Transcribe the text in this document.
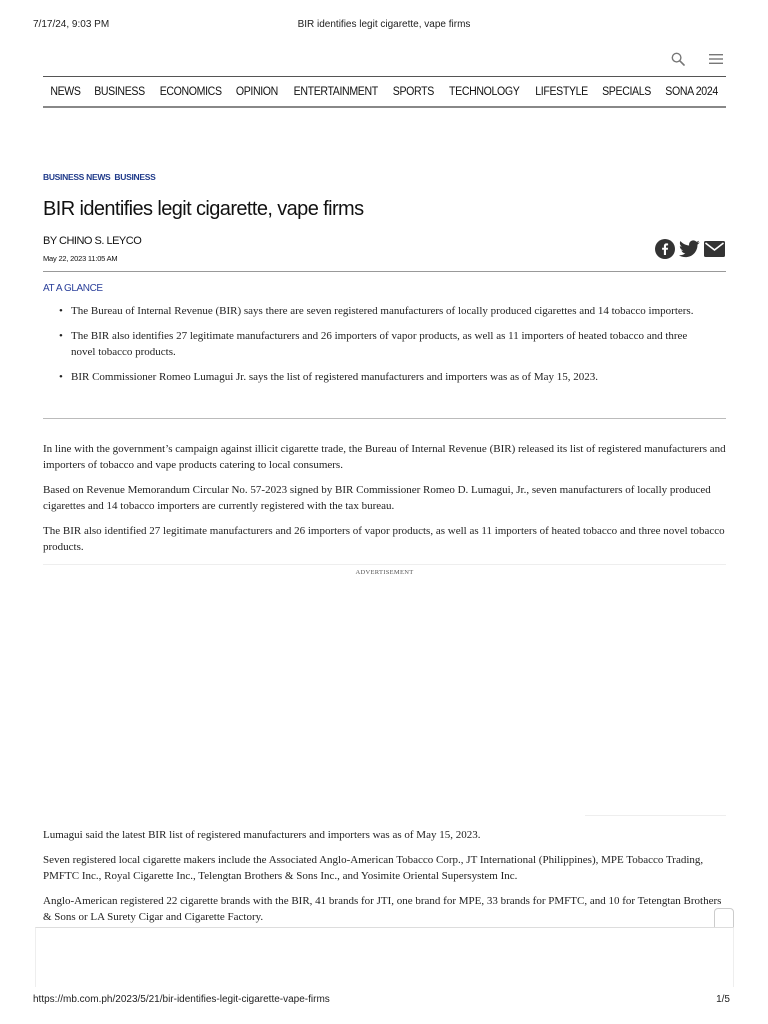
7/17/24, 9:03 PM	BIR identifies legit cigarette, vape firms
NEWS BUSINESS ECONOMICS OPINION ENTERTAINMENT SPORTS TECHNOLOGY LIFESTYLE SPECIALS SONA 2024
BUSINESS NEWS BUSINESS
BIR identifies legit cigarette, vape firms
BY CHINO S. LEYCO
May 22, 2023 11:05 AM
AT A GLANCE
• The Bureau of Internal Revenue (BIR) says there are seven registered manufacturers of locally produced cigarettes and 14 tobacco importers.
• The BIR also identifies 27 legitimate manufacturers and 26 importers of vapor products, as well as 11 importers of heated tobacco and three novel tobacco products.
• BIR Commissioner Romeo Lumagui Jr. says the list of registered manufacturers and importers was as of May 15, 2023.

In line with the government’s campaign against illicit cigarette trade, the Bureau of Internal Revenue (BIR) released its list of registered manufacturers and importers of tobacco and vape products catering to local consumers.

Based on Revenue Memorandum Circular No. 57-2023 signed by BIR Commissioner Romeo D. Lumagui, Jr., seven manufacturers of locally produced cigarettes and 14 tobacco importers are currently registered with the tax bureau.

The BIR also identified 27 legitimate manufacturers and 26 importers of vapor products, as well as 11 importers of heated tobacco and three novel tobacco products.

ADVERTISEMENT

Lumagui said the latest BIR list of registered manufacturers and importers was as of May 15, 2023.

Seven registered local cigarette makers include the Associated Anglo-American Tobacco Corp., JT International (Philippines), MPE Tobacco Trading, PMFTC Inc., Royal Cigarette Inc., Telengtan Brothers & Sons Inc., and Yosimite Oriental Supersystem Inc.

Anglo-American registered 22 cigarette brands with the BIR, 41 brands for JTI, one brand for MPE, 33 brands for PMFTC, and 10 for Tetengtan Brothers & Sons or LA Surety Cigar and Cigarette Factory.

https://mb.com.ph/2023/5/21/bir-identifies-legit-cigarette-vape-firms	1/5
